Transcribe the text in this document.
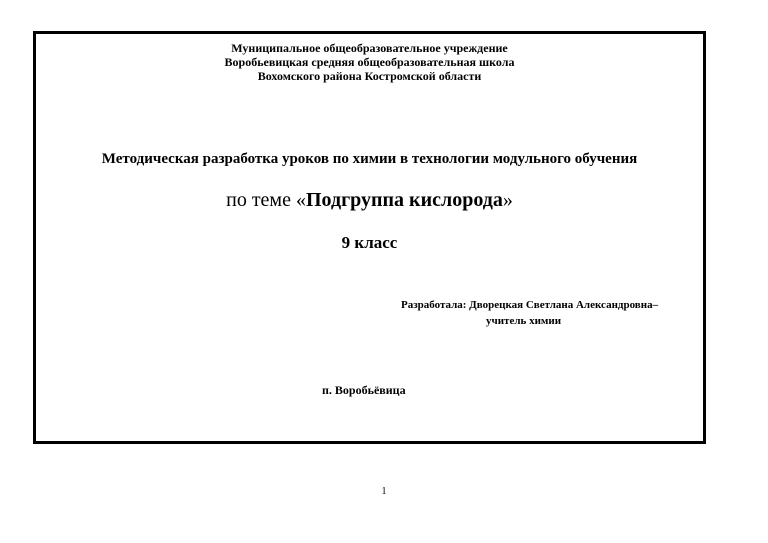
Муниципальное общеобразовательное учреждение
Воробьевицкая средняя общеобразовательная школа
Вохомского района Костромской области
Методическая разработка уроков по химии в технологии модульного обучения
по теме «Подгруппа кислорода»
9 класс
Разработала: Дворецкая Светлана Александровна–
учитель химии
п. Воробьёвица
1
